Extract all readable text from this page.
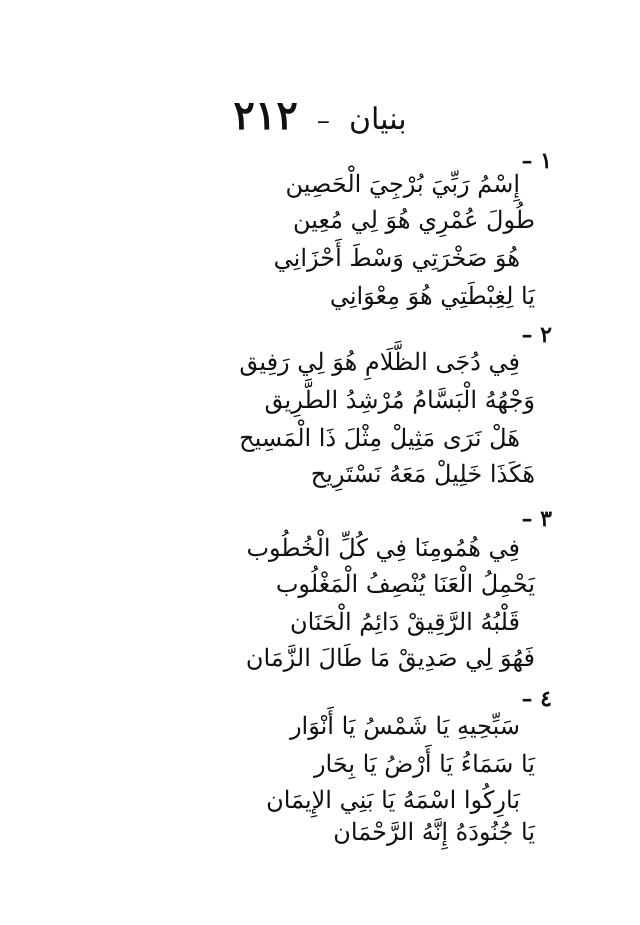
بنيان – ٢١٢
١ –
إِسْمُ رَبِّيَ بُرْجِيَ الْحَصِين
طُولَ عُمْرِي هُوَ لِي مُعِين
هُوَ صَخْرَتِي وَسْطَ أَحْزَانِي
يَا لِغِبْطَتِي هُوَ مِعْوَانِي
٢ –
فِي دُجَى الظَّلَامِ هُوَ لِي رَفِيق
وَجْهُهُ الْبَسَّامُ مُرْشِدُ الطَّرِيق
هَلْ نَرَى مَثِيلْ مِثْلَ ذَا الْمَسِيح
هَكَذَا خَلِيلْ مَعَهُ نَسْتَرِيح
٣ –
فِي هُمُومِنَا فِي كُلِّ الْخُطُوب
يَحْمِلُ الْعَنَا يُنْصِفُ الْمَغْلُوب
قَلْبُهُ الرَّقِيقْ دَائِمُ الْحَنَان
فَهُوَ لِي صَدِيقْ مَا طَالَ الزَّمَان
٤ –
سَبِّحِيهِ يَا شَمْسُ يَا أَنْوَار
يَا سَمَاءُ يَا أَرْضُ يَا بِحَار
بَارِكُوا اسْمَهُ يَا بَنِي الإِيمَان
يَا جُنُودَهُ إِنَّهُ الرَّحْمَان
